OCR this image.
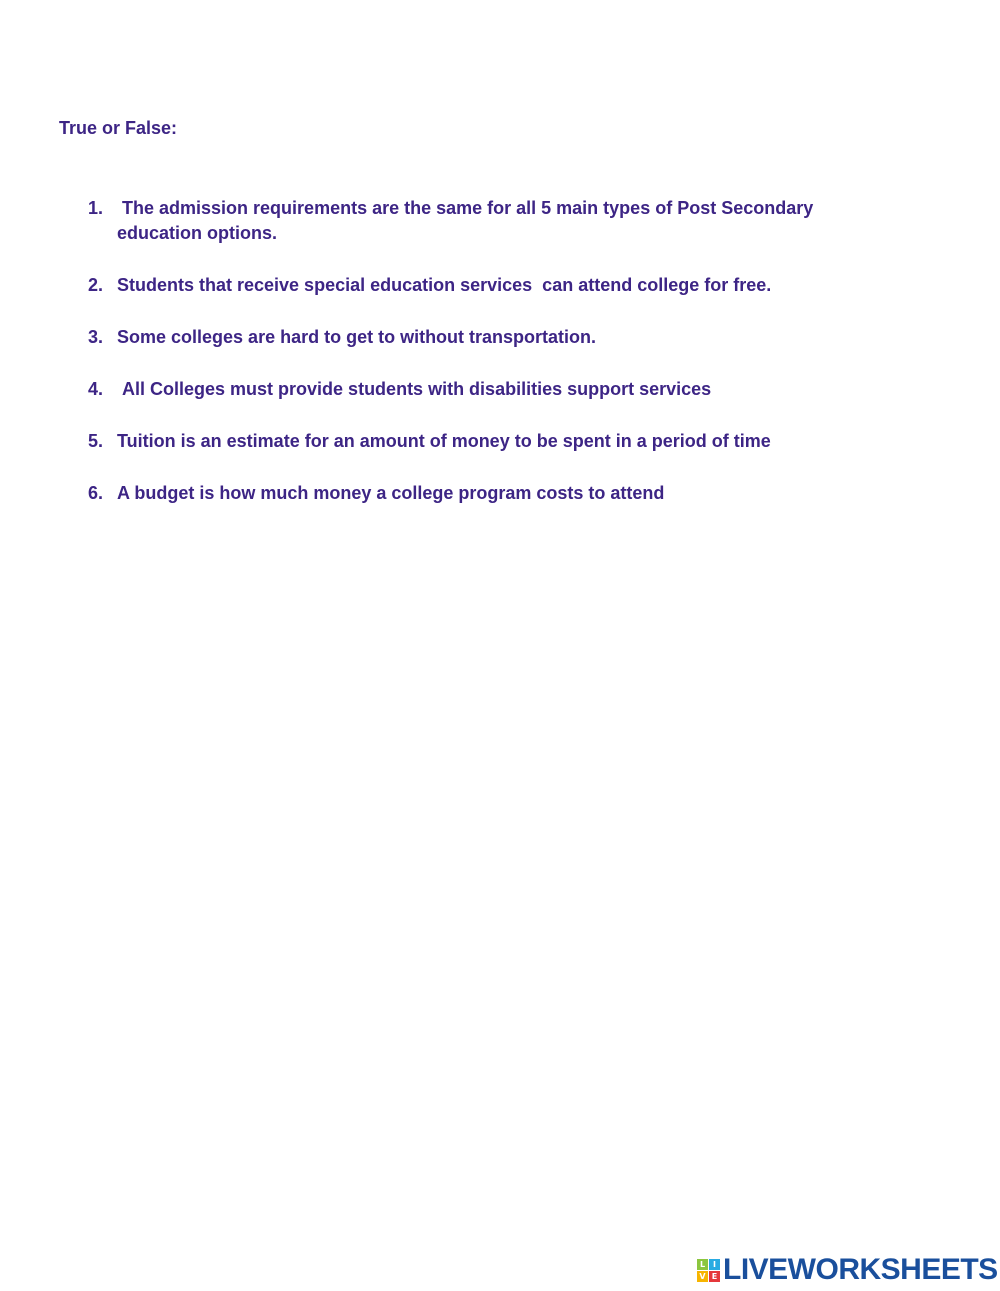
True or False:
1. The admission requirements are the same for all 5 main types of Post Secondary education options.
2. Students that receive special education services  can attend college for free.
3. Some colleges are hard to get to without transportation.
4. All Colleges must provide students with disabilities support services
5. Tuition is an estimate for an amount of money to be spent in a period of time
6. A budget is how much money a college program costs to attend
L I
V E LIVEWORKSHEETS
